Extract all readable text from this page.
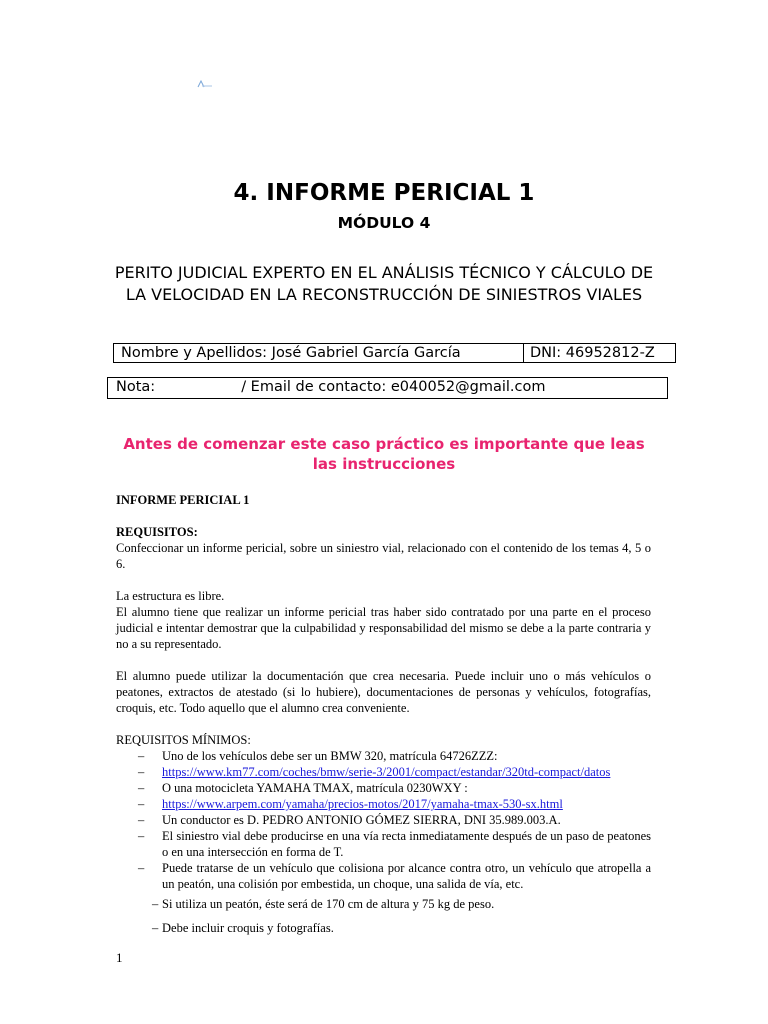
4. INFORME PERICIAL 1
MÓDULO 4
PERITO JUDICIAL EXPERTO EN EL ANÁLISIS TÉCNICO Y CÁLCULO DE LA VELOCIDAD EN LA RECONSTRUCCIÓN DE SINIESTROS VIALES
Nombre y Apellidos: José Gabriel García García	DNI: 46952812-Z
Nota:	/ Email de contacto: e040052@gmail.com
Antes de comenzar este caso práctico es importante que leas las instrucciones

INFORME PERICIAL 1

REQUISITOS:

Confeccionar un informe pericial, sobre un siniestro vial, relacionado con el contenido de los temas 4, 5 o 6.

La estructura es libre.

El alumno tiene que realizar un informe pericial tras haber sido contratado por una parte en el proceso judicial e intentar demostrar que la culpabilidad y responsabilidad del mismo se debe a la parte contraria y no a su representado.

El alumno puede utilizar la documentación que crea necesaria. Puede incluir uno o más vehículos o peatones, extractos de atestado (si lo hubiere), documentaciones de personas y vehículos, fotografías, croquis, etc. Todo aquello que el alumno crea conveniente.

REQUISITOS MÍNIMOS:

– Uno de los vehículos debe ser un BMW 320, matrícula 64726ZZZ:
– https://www.km77.com/coches/bmw/serie-3/2001/compact/estandar/320td-compact/datos
– O una motocicleta YAMAHA TMAX, matrícula 0230WXY :
– https://www.arpem.com/yamaha/precios-motos/2017/yamaha-tmax-530-sx.html
– Un conductor es D. PEDRO ANTONIO GÓMEZ SIERRA, DNI 35.989.003.A.
– El siniestro vial debe producirse en una vía recta inmediatamente después de un paso de peatones o en una intersección en forma de T.
– Puede tratarse de un vehículo que colisiona por alcance contra otro, un vehículo que atropella a un peatón, una colisión por embestida, un choque, una salida de vía, etc.

– Si utiliza un peatón, éste será de 170 cm de altura y 75 kg de peso.

– Debe incluir croquis y fotografías.

1
